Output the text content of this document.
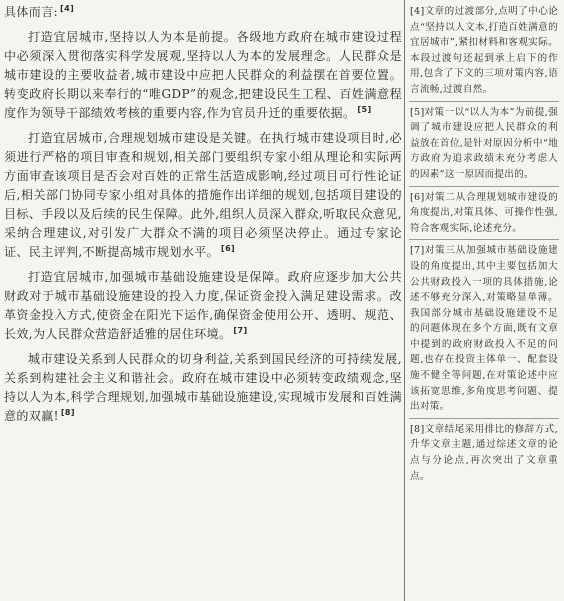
具体而言: [4]

打造宜居城市,坚持以人为本是前提。各级地方政府在城市建设过程中必须深入贯彻落实科学发展观,坚持以人为本的发展理念。人民群众是城市建设的主要收益者,城市建设中应把人民群众的利益摆在首要位置。转变政府长期以来奉行的“唯GDP”的观念,把建设民生工程、百姓满意程度作为领导干部绩效考核的重要内容,作为官员升迁的重要依据。 [5]

打造宜居城市,合理规划城市建设是关键。在执行城市建设项目时,必须进行严格的项目审查和规划,相关部门要组织专家小组从理论和实际两方面审查该项目是否会对百姓的正常生活造成影响,经过项目可行性论证后,相关部门协同专家小组对具体的措施作出详细的规划,包括项目建设的目标、手段以及后续的民生保障。此外,组织人员深入群众,听取民众意见,采纳合理建议,对引发广大群众不满的项目必须坚决停止。通过专家论证、民主评判,不断提高城市规划水平。 [6]

打造宜居城市,加强城市基础设施建设是保障。政府应逐步加大公共财政对于城市基础设施建设的投入力度,保证资金投入满足建设需求。改革资金投入方式,使资金在阳光下运作,确保资金使用公开、透明、规范、长效,为人民群众营造舒适雅的居住环境。 [7]

城市建设关系到人民群众的切身利益,关系到国民经济的可持续发展,关系到构建社会主义和谐社会。政府在城市建设中必须转变政绩观念,坚持以人为本,科学合理规划,加强城市基础设施建设,实现城市发展和百姓满意的双赢! [8]

[4]文章的过渡部分,点明了中心论点“坚持以人文本,打造百姓满意的宜居城市”,紧扣材料和客观实际。本段过渡句还起到承上启下的作用,包含了下文的三项对策内容,语言流畅,过渡自然。

[5]对策一以“以人为本”为前提,强调了城市建设应把人民群众的利益放在首位,是针对原因分析中“地方政府为追求政绩未充分考虑人的因素”这一原因而提出的。

[6]对策二从合理规划城市建设的角度提出,对策具体、可操作性强,符合客观实际,论述充分。

[7]对策三从加强城市基础设施建设的角度提出,其中主要包括加大公共财政投入一项的具体措施,论述不够充分深入,对策略显单薄。我国部分城市基础设施建设不足的问题体现在多个方面,既有文章中提到的政府财政投入不足的问题,也存在投资主体单一、配套设施不健全等问题,在对策论述中应该拓宽思维,多角度思考问题、提出对策。

[8]文章结尾采用排比的修辞方式,升华文章主题,通过综述文章的论点与分论点,再次突出了文章重点。
